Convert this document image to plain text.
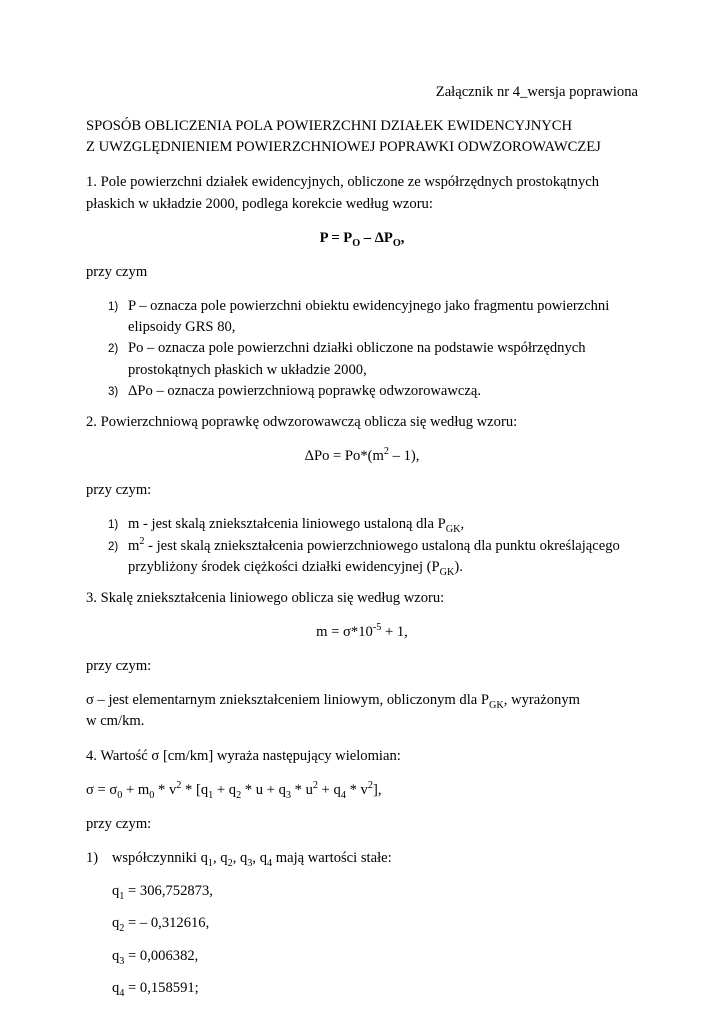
Załącznik nr 4_wersja poprawiona

SPOSÓB OBLICZENIA POLA POWIERZCHNI DZIAŁEK EWIDENCYJNYCH

Z UWZGLĘDNIENIEM POWIERZCHNIOWEJ POPRAWKI ODWZOROWAWCZEJ

1. Pole powierzchni działek ewidencyjnych, obliczone ze współrzędnych prostokątnych płaskich w układzie 2000, podlega korekcie według wzoru:

$P = P_O - \Delta P_O$,

przy czym

1) P – oznacza pole powierzchni obiektu ewidencyjnego jako fragmentu powierzchni elipsoidy GRS 80,
2) Po – oznacza pole powierzchni działki obliczone na podstawie współrzędnych prostokątnych płaskich w układzie 2000,
3) ΔPo – oznacza powierzchniową poprawkę odwzorowawczą.

2. Powierzchniową poprawkę odwzorowawczą oblicza się według wzoru:

$\Delta Po = Po*(m^2 - 1)$,

przy czym:

1) m - jest skalą zniekształcenia liniowego ustaloną dla $P_{GK}$,
2) $m^2$ - jest skalą zniekształcenia powierzchniowego ustaloną dla punktu określającego przybliżony środek ciężkości działki ewidencyjnej $(P_{GK})$.

3. Skalę zniekształcenia liniowego oblicza się według wzoru:

$m = \sigma*10^{-5} + 1$,

przy czym:

σ – jest elementarnym zniekształceniem liniowym, obliczonym dla $P_{GK}$, wyrażonym

w cm/km.

4. Wartość σ [cm/km] wyraża następujący wielomian:

$\sigma = \sigma_0 + m_0 * v^2 * [q_1 + q_2 * u + q_3 * u^2 + q_4 * v^2]$,

przy czym:

1) współczynniki $q_1$, $q_2$, $q_3$, $q_4$ mają wartości stałe:

$q_1 = 306,752873$,

$q_2$ = – 0,312616,

$q_3 = 0,006382$,

$q_4 = 0,158591$;
